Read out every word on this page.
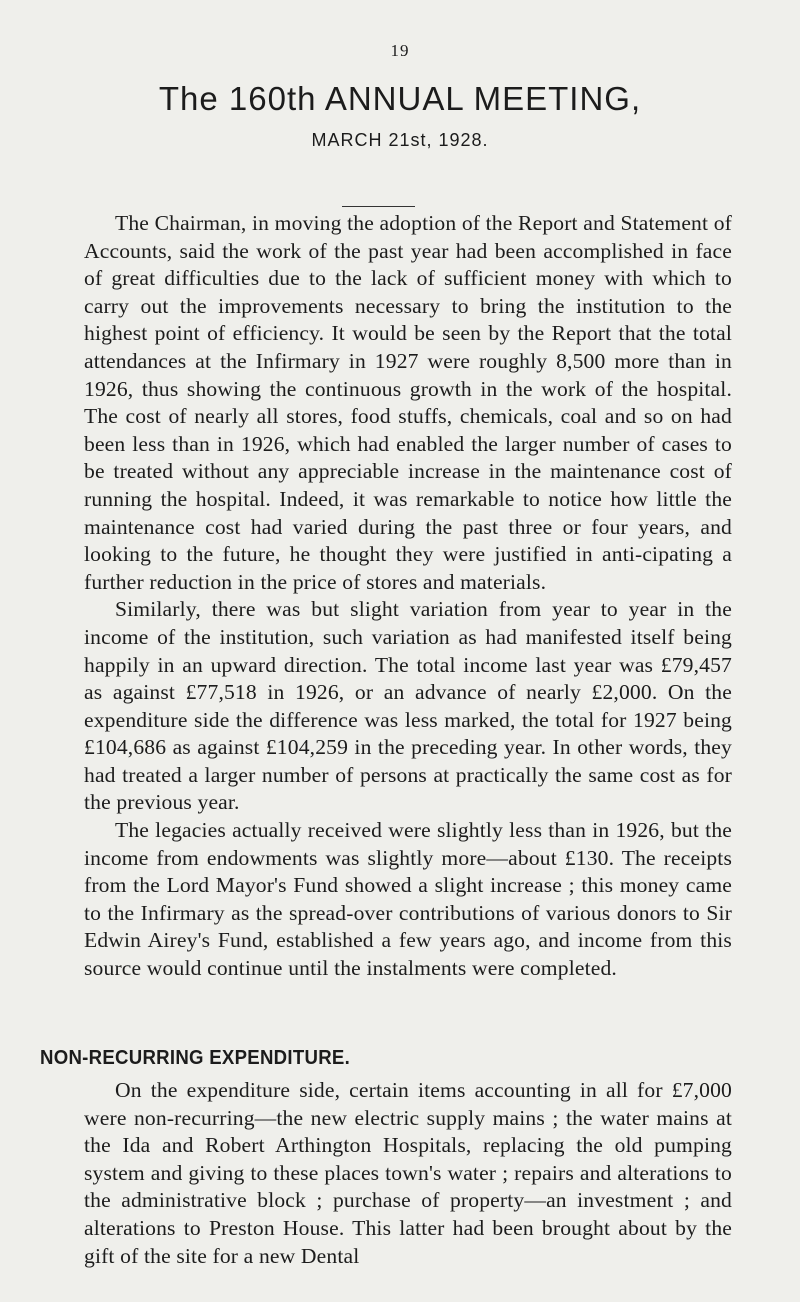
19
The 160th ANNUAL MEETING,
MARCH 21st, 1928.

The Chairman, in moving the adoption of the Report and Statement of Accounts, said the work of the past year had been accomplished in face of great difficulties due to the lack of sufficient money with which to carry out the improvements necessary to bring the institution to the highest point of efficiency. It would be seen by the Report that the total attendances at the Infirmary in 1927 were roughly 8,500 more than in 1926, thus showing the continuous growth in the work of the hospital. The cost of nearly all stores, food stuffs, chemicals, coal and so on had been less than in 1926, which had enabled the larger number of cases to be treated without any appreciable increase in the maintenance cost of running the hospital. Indeed, it was remarkable to notice how little the maintenance cost had varied during the past three or four years, and looking to the future, he thought they were justified in anti-cipating a further reduction in the price of stores and materials.

Similarly, there was but slight variation from year to year in the income of the institution, such variation as had manifested itself being happily in an upward direction. The total income last year was £79,457 as against £77,518 in 1926, or an advance of nearly £2,000. On the expenditure side the difference was less marked, the total for 1927 being £104,686 as against £104,259 in the preceding year. In other words, they had treated a larger number of persons at practically the same cost as for the previous year.

The legacies actually received were slightly less than in 1926, but the income from endowments was slightly more—about £130. The receipts from the Lord Mayor's Fund showed a slight increase ; this money came to the Infirmary as the spread-over contributions of various donors to Sir Edwin Airey's Fund, established a few years ago, and income from this source would continue until the instalments were completed.

NON-RECURRING EXPENDITURE.

On the expenditure side, certain items accounting in all for £7,000 were non-recurring—the new electric supply mains ; the water mains at the Ida and Robert Arthington Hospitals, replacing the old pumping system and giving to these places town's water ; repairs and alterations to the administrative block ; purchase of property—an investment ; and alterations to Preston House. This latter had been brought about by the gift of the site for a new Dental
